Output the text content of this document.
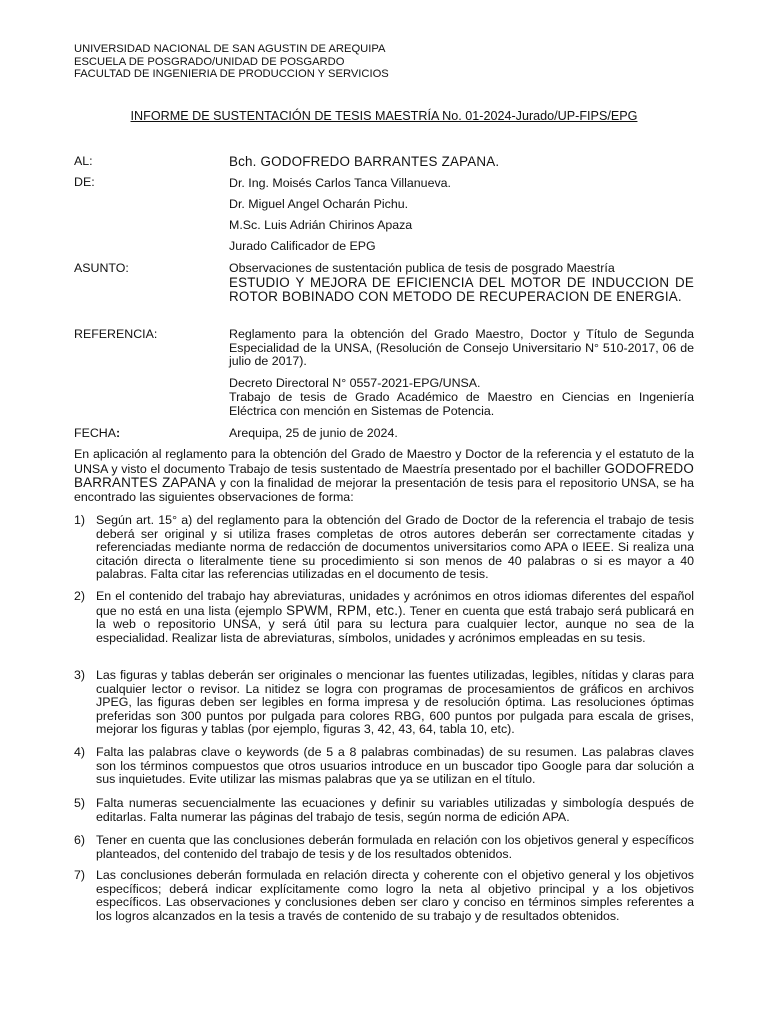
UNIVERSIDAD NACIONAL DE SAN AGUSTIN DE AREQUIPA
ESCUELA DE POSGRADO/UNIDAD DE POSGARDO
FACULTAD DE INGENIERIA DE PRODUCCION Y SERVICIOS
INFORME DE SUSTENTACIÓN DE TESIS MAESTRÍA No. 01-2024-Jurado/UP-FIPS/EPG
AL:	Bch. GODOFREDO BARRANTES ZAPANA.
DE:	Dr. Ing. Moisés Carlos Tanca Villanueva.
Dr. Miguel Angel Ocharán Pichu.
M.Sc. Luis Adrián Chirinos Apaza
Jurado Calificador de EPG
ASUNTO:	Observaciones de sustentación publica de tesis de posgrado Maestría
ESTUDIO Y MEJORA DE EFICIENCIA DEL MOTOR DE INDUCCION DE ROTOR BOBINADO CON METODO DE RECUPERACION DE ENERGIA.
REFERENCIA:	Reglamento para la obtención del Grado Maestro, Doctor y Título de Segunda Especialidad de la UNSA, (Resolución de Consejo Universitario N° 510-2017, 06 de julio de 2017).
Decreto Directoral N° 0557-2021-EPG/UNSA.
Trabajo de tesis de Grado Académico de Maestro en Ciencias en Ingeniería Eléctrica con mención en Sistemas de Potencia.
FECHA:	Arequipa, 25 de junio de 2024.
En aplicación al reglamento para la obtención del Grado de Maestro y Doctor de la referencia y el estatuto de la UNSA y visto el documento Trabajo de tesis sustentado de Maestría presentado por el bachiller GODOFREDO BARRANTES ZAPANA y con la finalidad de mejorar la presentación de tesis para el repositorio UNSA, se ha encontrado las siguientes observaciones de forma:
1) Según art. 15° a) del reglamento para la obtención del Grado de Doctor de la referencia el trabajo de tesis deberá ser original y si utiliza frases completas de otros autores deberán ser correctamente citadas y referenciadas mediante norma de redacción de documentos universitarios como APA o IEEE. Si realiza una citación directa o literalmente tiene su procedimiento si son menos de 40 palabras o si es mayor a 40 palabras. Falta citar las referencias utilizadas en el documento de tesis.
2) En el contenido del trabajo hay abreviaturas, unidades y acrónimos en otros idiomas diferentes del español que no está en una lista (ejemplo SPWM, RPM, etc.). Tener en cuenta que está trabajo será publicará en la web o repositorio UNSA, y será útil para su lectura para cualquier lector, aunque no sea de la especialidad. Realizar lista de abreviaturas, símbolos, unidades y acrónimos empleadas en su tesis.
3) Las figuras y tablas deberán ser originales o mencionar las fuentes utilizadas, legibles, nítidas y claras para cualquier lector o revisor. La nitidez se logra con programas de procesamientos de gráficos en archivos JPEG, las figuras deben ser legibles en forma impresa y de resolución óptima. Las resoluciones óptimas preferidas son 300 puntos por pulgada para colores RBG, 600 puntos por pulgada para escala de grises, mejorar los figuras y tablas (por ejemplo, figuras 3, 42, 43, 64, tabla 10, etc).
4) Falta las palabras clave o keywords (de 5 a 8 palabras combinadas) de su resumen. Las palabras claves son los términos compuestos que otros usuarios introduce en un buscador tipo Google para dar solución a sus inquietudes. Evite utilizar las mismas palabras que ya se utilizan en el título.
5) Falta numeras secuencialmente las ecuaciones y definir su variables utilizadas y simbología después de editarlas. Falta numerar las páginas del trabajo de tesis, según norma de edición APA.
6) Tener en cuenta que las conclusiones deberán formulada en relación con los objetivos general y específicos planteados, del contenido del trabajo de tesis y de los resultados obtenidos.
7) Las conclusiones deberán formulada en relación directa y coherente con el objetivo general y los objetivos específicos; deberá indicar explícitamente como logro la neta al objetivo principal y a los objetivos específicos. Las observaciones y conclusiones deben ser claro y conciso en términos simples referentes a los logros alcanzados en la tesis a través de contenido de su trabajo y de resultados obtenidos.
